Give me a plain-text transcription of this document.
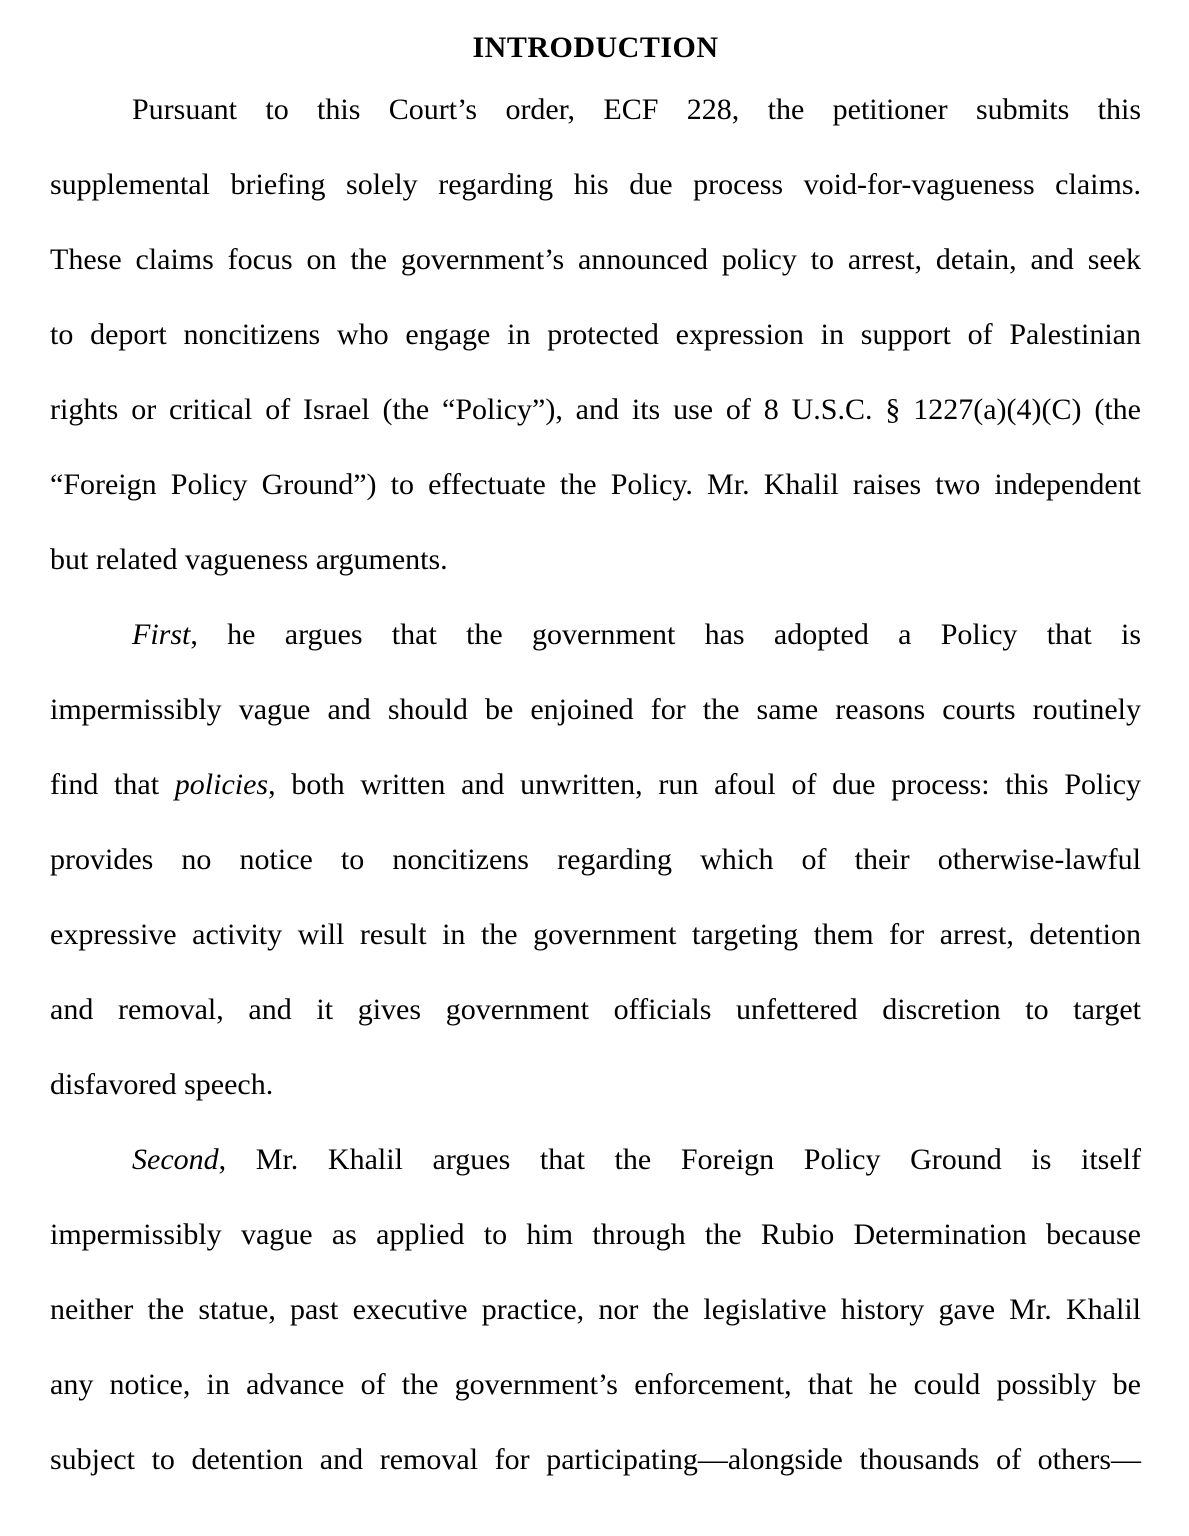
INTRODUCTION
Pursuant to this Court’s order, ECF 228, the petitioner submits this
supplemental briefing solely regarding his due process void-for-vagueness claims.
These claims focus on the government’s announced policy to arrest, detain, and seek
to deport noncitizens who engage in protected expression in support of Palestinian
rights or critical of Israel (the “Policy”), and its use of 8 U.S.C. § 1227(a)(4)(C) (the
“Foreign Policy Ground”) to effectuate the Policy. Mr. Khalil raises two independent
but related vagueness arguments.
First, he argues that the government has adopted a Policy that is
impermissibly vague and should be enjoined for the same reasons courts routinely
find that policies, both written and unwritten, run afoul of due process: this Policy
provides no notice to noncitizens regarding which of their otherwise-lawful
expressive activity will result in the government targeting them for arrest, detention
and removal, and it gives government officials unfettered discretion to target
disfavored speech.
Second, Mr. Khalil argues that the Foreign Policy Ground is itself
impermissibly vague as applied to him through the Rubio Determination because
neither the statue, past executive practice, nor the legislative history gave Mr. Khalil
any notice, in advance of the government’s enforcement, that he could possibly be
subject to detention and removal for participating—alongside thousands of others—
